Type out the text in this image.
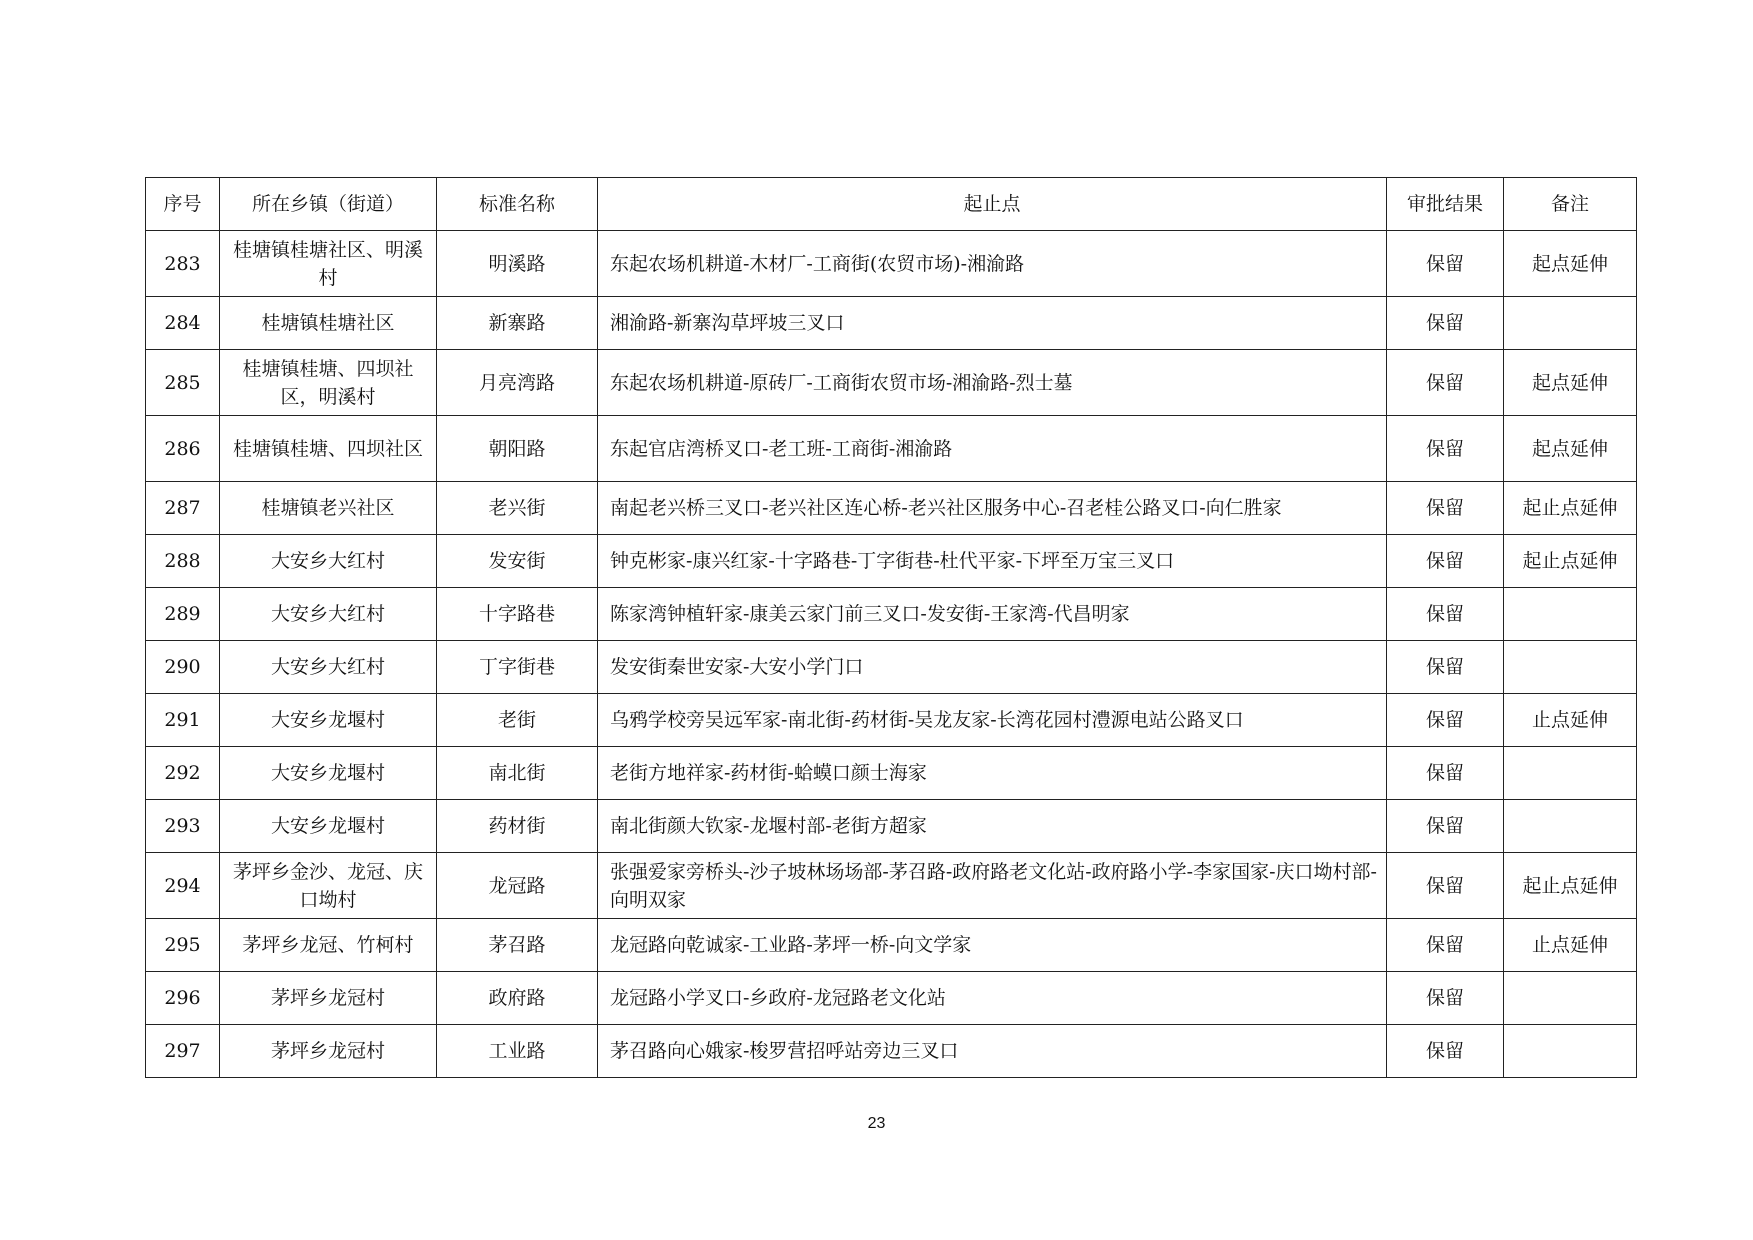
序号	所在乡镇（街道）	标准名称	起止点	审批结果	备注
283	桂塘镇桂塘社区、明溪村	明溪路	东起农场机耕道-木材厂-工商街(农贸市场)-湘渝路	保留	起点延伸
284	桂塘镇桂塘社区	新寨路	湘渝路-新寨沟草坪坡三叉口	保留	
285	桂塘镇桂塘、四坝社区，明溪村	月亮湾路	东起农场机耕道-原砖厂-工商街农贸市场-湘渝路-烈士墓	保留	起点延伸
286	桂塘镇桂塘、四坝社区	朝阳路	东起官店湾桥叉口-老工班-工商街-湘渝路	保留	起点延伸
287	桂塘镇老兴社区	老兴街	南起老兴桥三叉口-老兴社区连心桥-老兴社区服务中心-召老桂公路叉口-向仁胜家	保留	起止点延伸
288	大安乡大红村	发安街	钟克彬家-康兴红家-十字路巷-丁字街巷-杜代平家-下坪至万宝三叉口	保留	起止点延伸
289	大安乡大红村	十字路巷	陈家湾钟植轩家-康美云家门前三叉口-发安街-王家湾-代昌明家	保留	
290	大安乡大红村	丁字街巷	发安街秦世安家-大安小学门口	保留	
291	大安乡龙堰村	老街	乌鸦学校旁吴远军家-南北街-药材街-吴龙友家-长湾花园村澧源电站公路叉口	保留	止点延伸
292	大安乡龙堰村	南北街	老街方地祥家-药材街-蛤蟆口颜士海家	保留	
293	大安乡龙堰村	药材街	南北街颜大钦家-龙堰村部-老街方超家	保留	
294	茅坪乡金沙、龙冠、庆口坳村	龙冠路	张强爱家旁桥头-沙子坡林场场部-茅召路-政府路老文化站-政府路小学-李家国家-庆口坳村部-向明双家	保留	起止点延伸
295	茅坪乡龙冠、竹柯村	茅召路	龙冠路向乾诚家-工业路-茅坪一桥-向文学家	保留	止点延伸
296	茅坪乡龙冠村	政府路	龙冠路小学叉口-乡政府-龙冠路老文化站	保留	
297	茅坪乡龙冠村	工业路	茅召路向心娥家-梭罗营招呼站旁边三叉口	保留	
23
